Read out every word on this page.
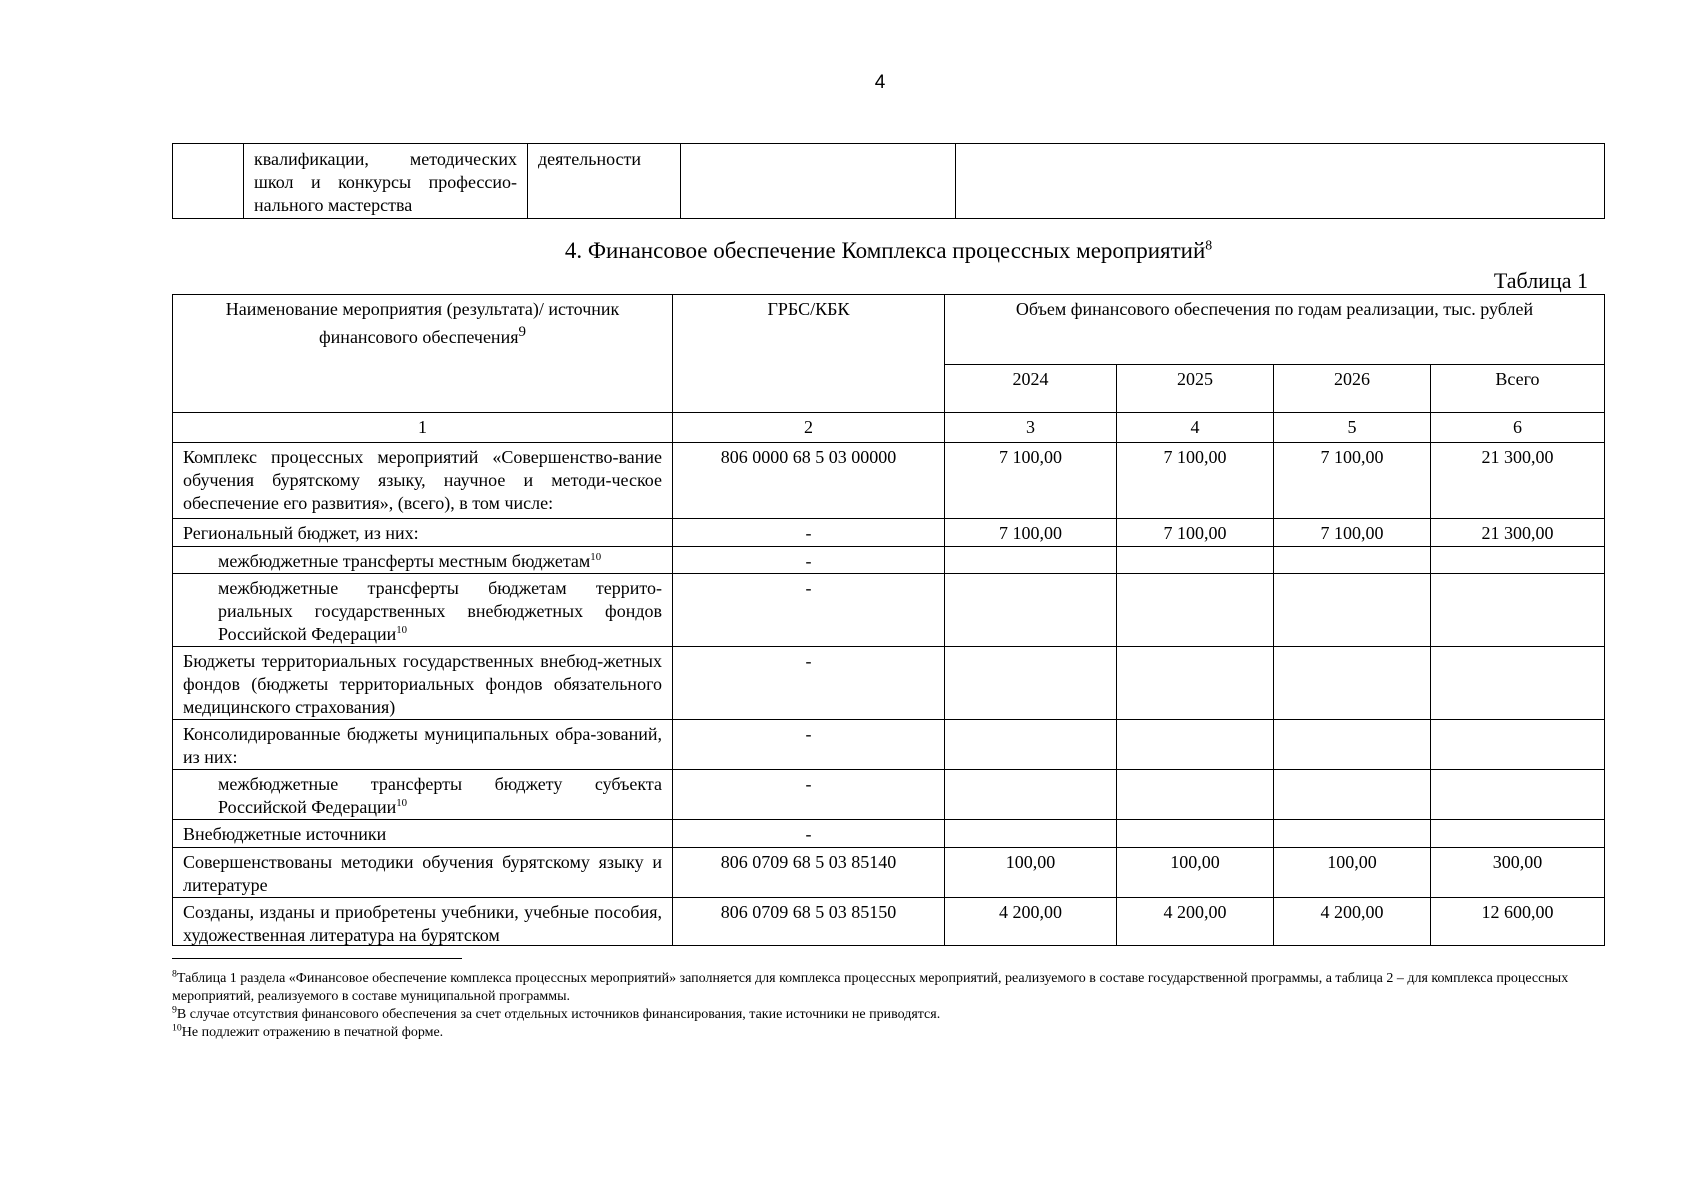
4
	квалификации, методических школ и конкурсы профессио-нального мастерства	деятельности		
4. Финансовое обеспечение Комплекса процессных мероприятий$^8$
Таблица 1
Наименование мероприятия (результата)/ источник финансового обеспечения$^9$	ГРБС/КБК	Объем финансового обеспечения по годам реализации, тыс. рублей			
		2024	2025	2026	Всего
1	2	3	4	5	6
Комплекс процессных мероприятий «Совершенство-вание обучения бурятскому языку, научное и методи-ческое обеспечение его развития», (всего), в том числе:	806 0000 68 5 03 00000	7 100,00	7 100,00	7 100,00	21 300,00
Региональный бюджет, из них:	-	7 100,00	7 100,00	7 100,00	21 300,00
межбюджетные трансферты местным бюджетам$^{10}$	-				
межбюджетные трансферты бюджетам террито-риальных государственных внебюджетных фондов Российской Федерации$^{10}$	-				
Бюджеты территориальных государственных внебюд-жетных фондов (бюджеты территориальных фондов обязательного медицинского страхования)	-				
Консолидированные бюджеты муниципальных обра-зований, из них:	-				
межбюджетные трансферты бюджету субъекта Российской Федерации$^{10}$	-				
Внебюджетные источники	-				
Совершенствованы методики обучения бурятскому языку и литературе	806 0709 68 5 03 85140	100,00	100,00	100,00	300,00

Созданы, изданы и приобретены учебники, учебные пособия, художественная литература на бурятском	806 0709 68 5 03 85150	4 200,00	4 200,00	4 200,00	12 600,00
$^8$Таблица 1 раздела «Финансовое обеспечение комплекса процессных мероприятий» заполняется для комплекса процессных мероприятий, реализуемого в составе государственной программы, а таблица 2 – для комплекса процессных мероприятий, реализуемого в составе муниципальной программы.
$^9$В случае отсутствия финансового обеспечения за счет отдельных источников финансирования, такие источники не приводятся.
$^{10}$Не подлежит отражению в печатной форме.
